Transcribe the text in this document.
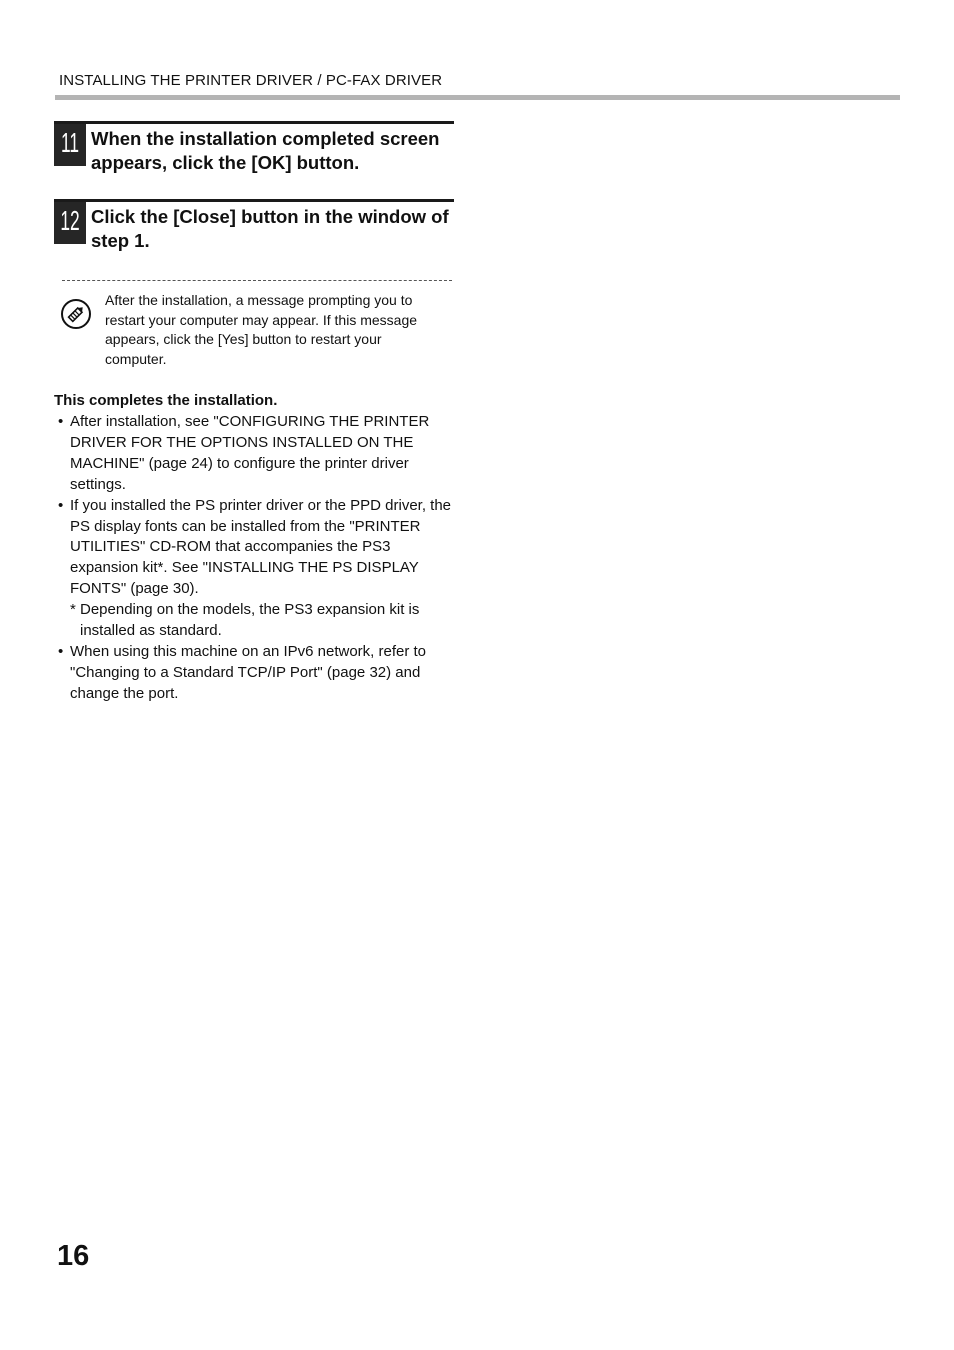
INSTALLING THE PRINTER DRIVER / PC-FAX DRIVER
11 When the installation completed screen appears, click the [OK] button.
12 Click the [Close] button in the window of step 1.
After the installation, a message prompting you to restart your computer may appear. If this message appears, click the [Yes] button to restart your computer.
This completes the installation.
• After installation, see "CONFIGURING THE PRINTER DRIVER FOR THE OPTIONS INSTALLED ON THE MACHINE" (page 24) to configure the printer driver settings.
• If you installed the PS printer driver or the PPD driver, the PS display fonts can be installed from the "PRINTER UTILITIES" CD-ROM that accompanies the PS3 expansion kit*. See "INSTALLING THE PS DISPLAY FONTS" (page 30).
* Depending on the models, the PS3 expansion kit is installed as standard.
• When using this machine on an IPv6 network, refer to "Changing to a Standard TCP/IP Port" (page 32) and change the port.
16
